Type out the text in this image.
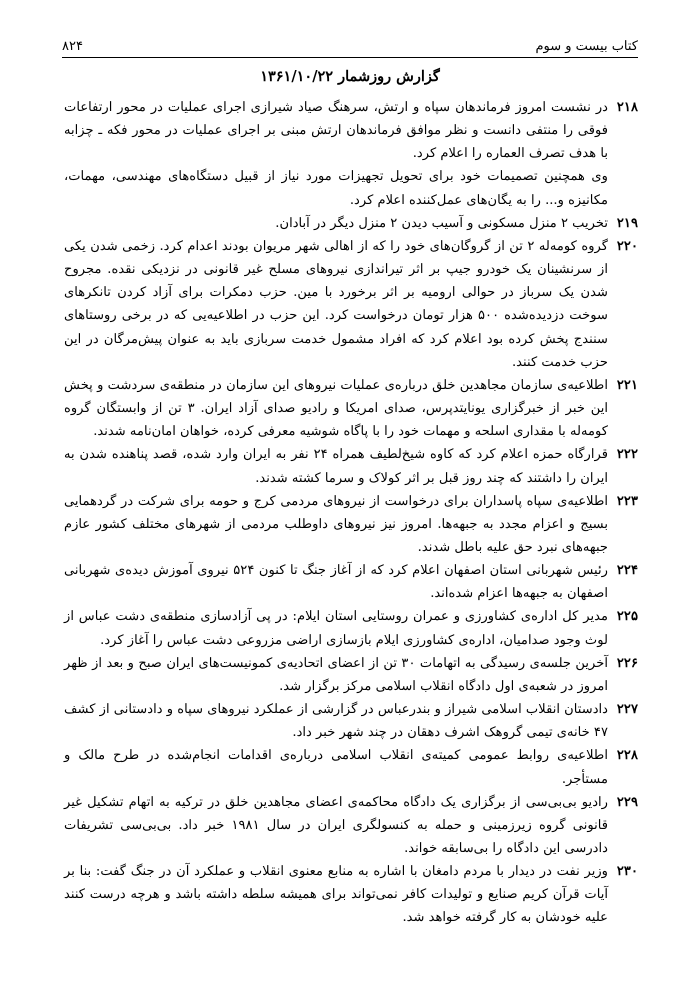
کتاب بیست و سوم
۸۲۴
گزارش روزشمار ۱۳۶۱/۱۰/۲۲
۲۱۸
در نشست امروز فرماندهان سپاه و ارتش، سرهنگ صیاد شیرازی اجرای عملیات در محور ارتفاعات فوقی را منتفی دانست و نظر موافق فرماندهان ارتش مبنی بر اجرای عملیات در محور فکه ـ چزابه با هدف تصرف العماره را اعلام کرد.
وی همچنین تصمیمات خود برای تحویل تجهیزات مورد نیاز از قبیل دستگاه‌های مهندسی، مهمات، مکانیزه و... را به یگان‌های عمل‌کننده اعلام کرد.
۲۱۹
تخریب ۲ منزل مسکونی و آسیب دیدن ۲ منزل دیگر در آبادان.
۲۲۰
گروه کومه‌له ۲ تن از گروگان‌های خود را که از اهالی شهر مریوان بودند اعدام کرد. زخمی شدن یکی از سرنشینان یک خودرو جیپ بر اثر تیراندازی نیروهای مسلح غیر قانونی در نزدیکی نقده. مجروح شدن یک سرباز در حوالی ارومیه بر اثر برخورد با مین. حزب دمکرات برای آزاد کردن تانکرهای سوخت دزدیده‌شده ۵۰۰ هزار تومان درخواست کرد. این حزب در اطلاعیه‌یی که در برخی روستاهای سنندج پخش کرده بود اعلام کرد که افراد مشمول خدمت سربازی باید به عنوان پیش‌مرگان در این حزب خدمت کنند.
۲۲۱
اطلاعیه‌ی سازمان مجاهدین خلق درباره‌ی عملیات نیروهای این سازمان در منطقه‌ی سردشت و پخش این خبر از خبرگزاری یونایتدپرس، صدای امریکا و رادیو صدای آزاد ایران. ۳ تن از وابستگان گروه کومه‌له با مقداری اسلحه و مهمات خود را با پاگاه شوشیه معرفی کرده، خواهان امان‌نامه شدند.
۲۲۲
قرارگاه حمزه اعلام کرد که کاوه شیخ‌لطیف همراه ۲۴ نفر به ایران وارد شده، قصد پناهنده شدن به ایران را داشتند که چند روز قبل بر اثر کولاک و سرما کشته شدند.
۲۲۳
اطلاعیه‌ی سپاه پاسداران برای درخواست از نیروهای مردمی کرج و حومه برای شرکت در گردهمایی بسیج و اعزام مجدد به جبهه‌ها. امروز نیز نیروهای داوطلب مردمی از شهرهای مختلف کشور عازم جبهه‌های نبرد حق علیه باطل شدند.
۲۲۴
رئیس شهربانی استان اصفهان اعلام کرد که از آغاز جنگ تا کنون ۵۲۴ نیروی آموزش دیده‌ی شهربانی اصفهان به جبهه‌ها اعزام شده‌اند.
۲۲۵
مدیر کل اداره‌ی کشاورزی و عمران روستایی استان ایلام: در پی آزادسازی منطقه‌ی دشت عباس از لوث وجود صدامیان، اداره‌ی کشاورزی ایلام بازسازی اراضی مزروعی دشت عباس را آغاز کرد.
۲۲۶
آخرین جلسه‌ی رسیدگی به اتهامات ۳۰ تن از اعضای اتحادیه‌ی کمونیست‌های ایران صبح و بعد از ظهر امروز در شعبه‌ی اول دادگاه انقلاب اسلامی مرکز برگزار شد.
۲۲۷
دادستان انقلاب اسلامی شیراز و بندرعباس در گزارشی از عملکرد نیروهای سپاه و دادستانی از کشف ۴۷ خانه‌ی تیمی گروهک اشرف دهقان در چند شهر خبر داد.
۲۲۸
اطلاعیه‌ی روابط عمومی کمیته‌ی انقلاب اسلامی درباره‌ی اقدامات انجام‌شده در طرح مالک و مستأجر.
۲۲۹
رادیو بی‌بی‌سی از برگزاری یک دادگاه محاکمه‌ی اعضای مجاهدین خلق در ترکیه به اتهام تشکیل غیر قانونی گروه زیرزمینی و حمله به کنسولگری ایران در سال ۱۹۸۱ خبر داد. بی‌بی‌سی تشریفات دادرسی این دادگاه را بی‌سابقه خواند.
۲۳۰
وزیر نفت در دیدار با مردم دامغان با اشاره به منابع معنوی انقلاب و عملکرد آن در جنگ گفت: بنا بر آیات قرآن کریم صنایع و تولیدات کافر نمی‌تواند برای همیشه سلطه داشته باشد و هرچه درست کنند علیه خودشان به کار گرفته خواهد شد.
